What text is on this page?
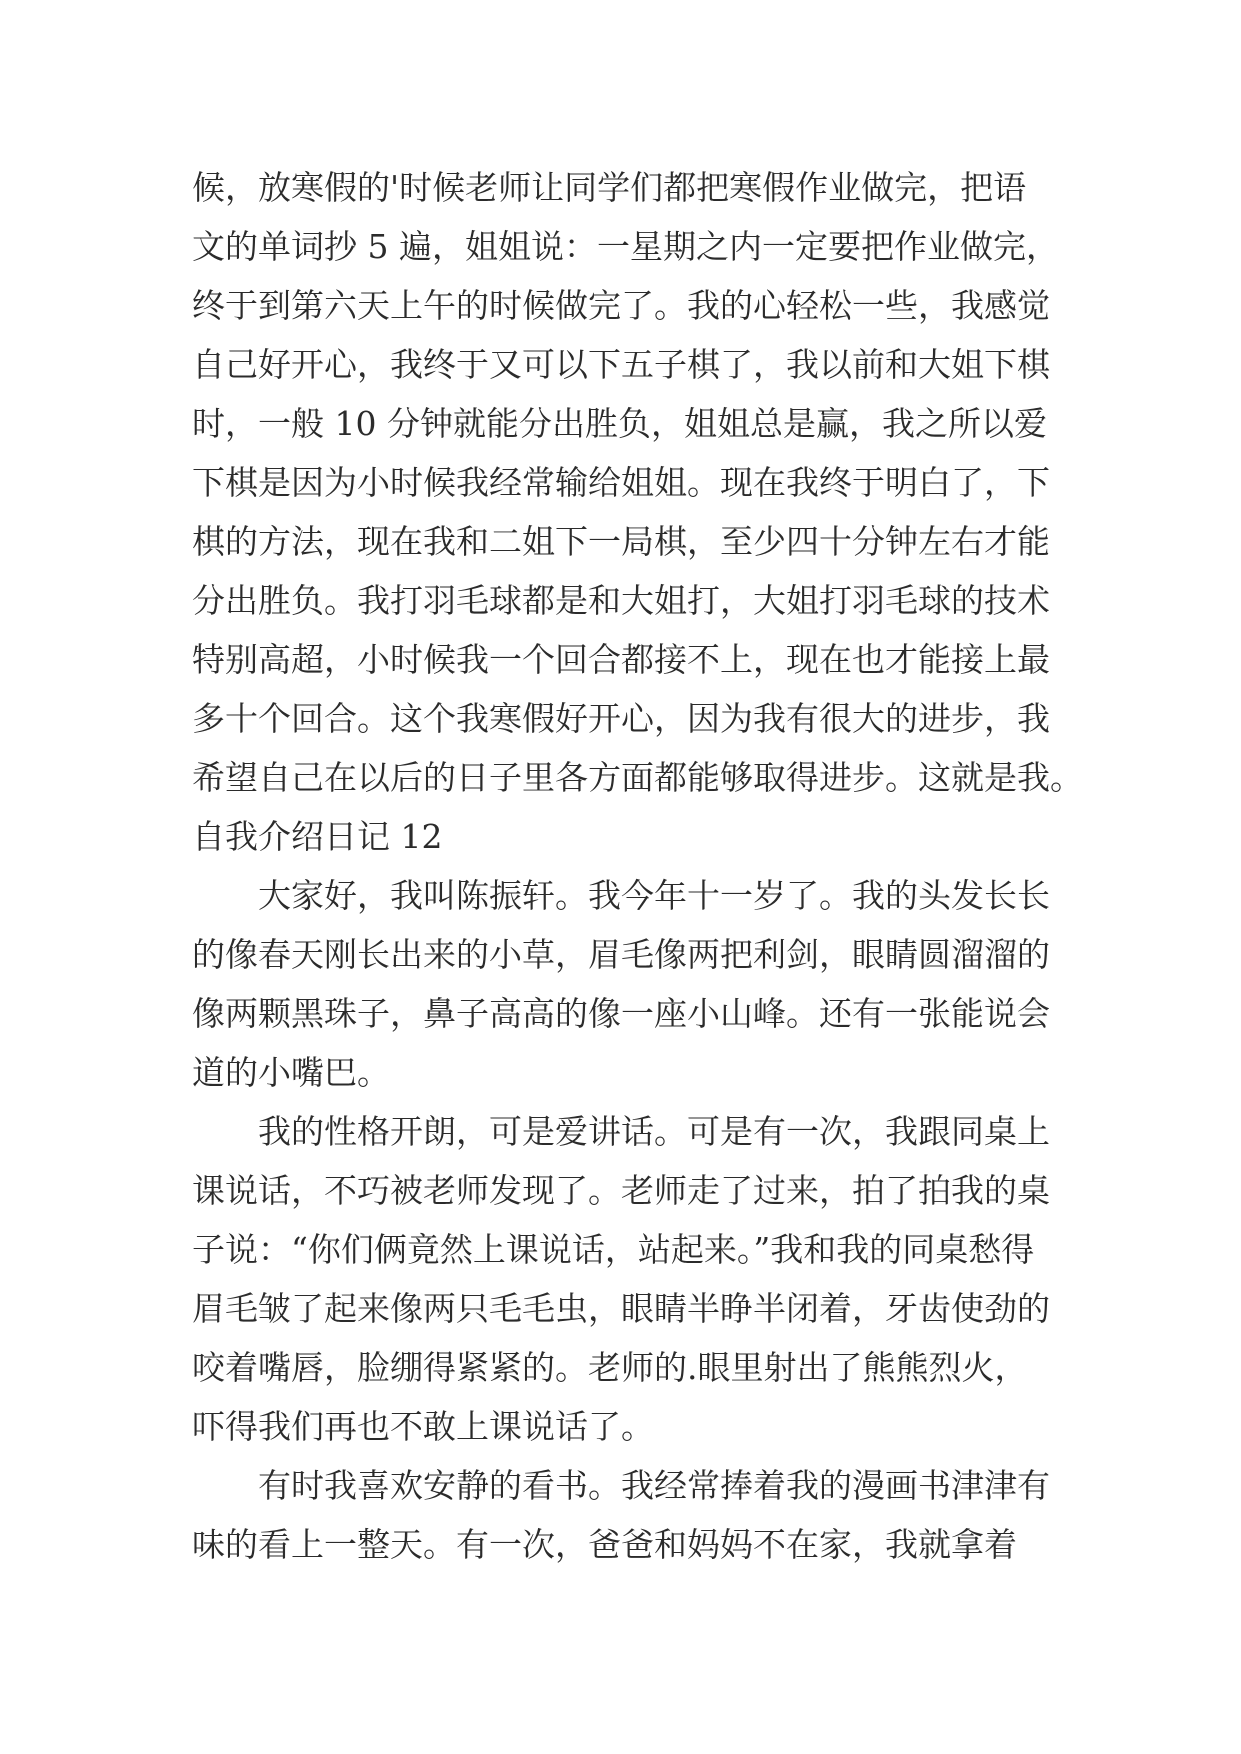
候，放寒假的'时候老师让同学们都把寒假作业做完，把语
文的单词抄 5 遍，姐姐说：一星期之内一定要把作业做完，
终于到第六天上午的时候做完了。我的心轻松一些，我感觉
自己好开心，我终于又可以下五子棋了，我以前和大姐下棋
时，一般 10 分钟就能分出胜负，姐姐总是赢，我之所以爱
下棋是因为小时候我经常输给姐姐。现在我终于明白了，下
棋的方法，现在我和二姐下一局棋，至少四十分钟左右才能
分出胜负。我打羽毛球都是和大姐打，大姐打羽毛球的技术
特别高超，小时候我一个回合都接不上，现在也才能接上最
多十个回合。这个我寒假好开心，因为我有很大的进步，我
希望自己在以后的日子里各方面都能够取得进步。这就是我。
自我介绍日记 12
大家好，我叫陈振轩。我今年十一岁了。我的头发长长
的像春天刚长出来的小草，眉毛像两把利剑，眼睛圆溜溜的
像两颗黑珠子，鼻子高高的像一座小山峰。还有一张能说会
道的小嘴巴。
我的性格开朗，可是爱讲话。可是有一次，我跟同桌上
课说话，不巧被老师发现了。老师走了过来，拍了拍我的桌
子说：“你们俩竟然上课说话，站起来。”我和我的同桌愁得
眉毛皱了起来像两只毛毛虫，眼睛半睁半闭着，牙齿使劲的
咬着嘴唇，脸绷得紧紧的。老师的.眼里射出了熊熊烈火，
吓得我们再也不敢上课说话了。
有时我喜欢安静的看书。我经常捧着我的漫画书津津有
味的看上一整天。有一次，爸爸和妈妈不在家，我就拿着
